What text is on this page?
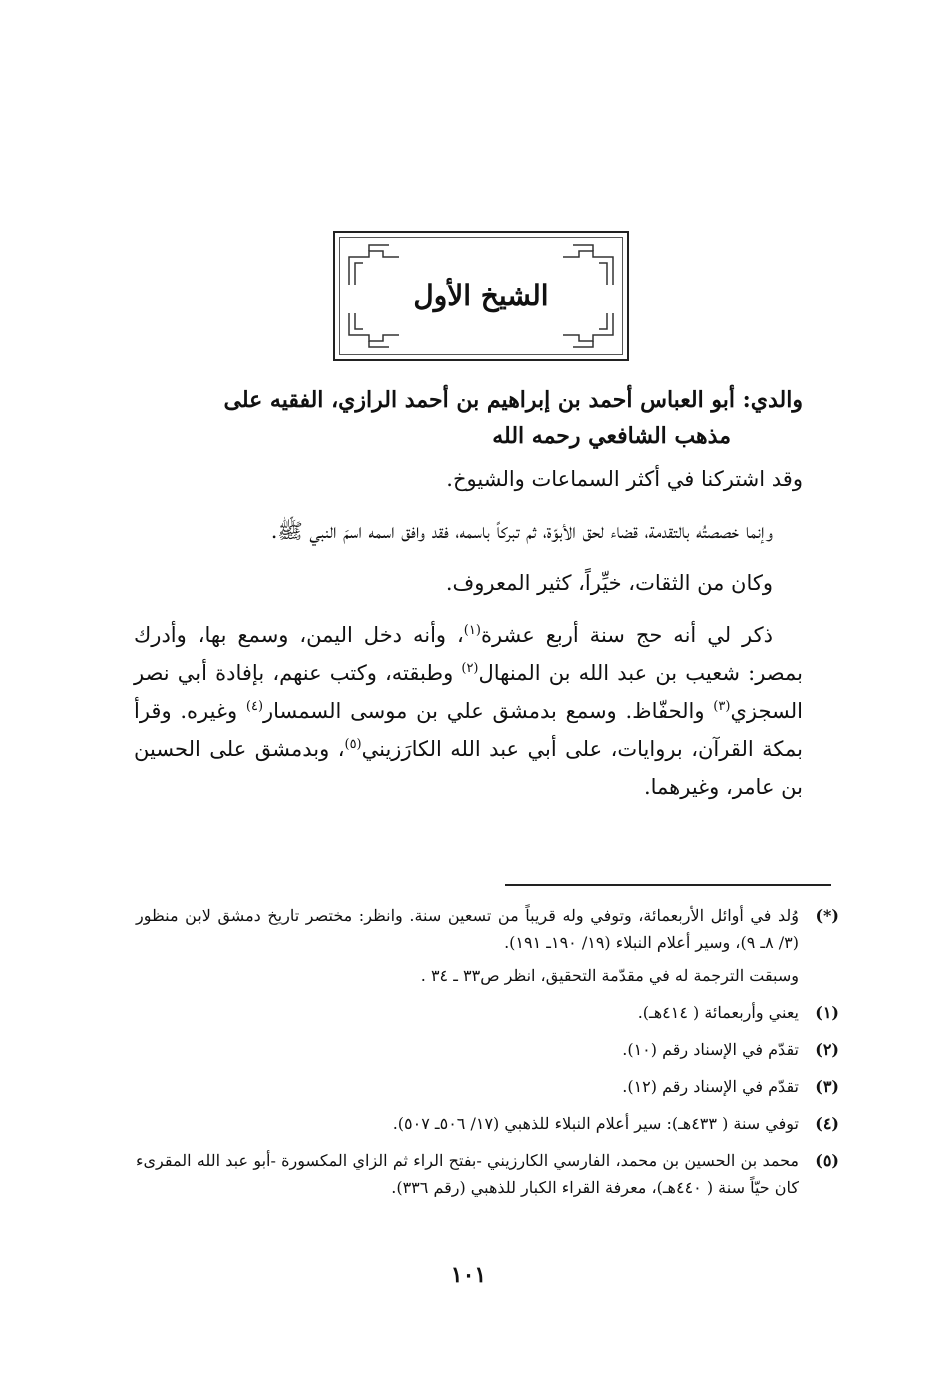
الشيخ الأول

والدي: أبو العباس أحمد بن إبراهيم بن أحمد الرازي، الفقيه على
مذهب الشافعي رحمه الله

وقد اشتركنا في أكثر السماعات والشيوخ.

وإنما خصصتُه بالتقدمة، قضاء لحق الأبوّة، ثم تبركاً باسمه، فقد وافق اسمه اسمَ النبي ﷺ.

وكان من الثقات، خيِّراً، كثير المعروف.

ذكر لي أنه حج سنة أربع عشرة$^{(١)}$، وأنه دخل اليمن، وسمع بها، وأدرك بمصر: شعيب بن عبد الله بن المنهال$^{(٢)}$ وطبقته، وكتب عنهم، بإفادة أبي نصر السجزي$^{(٣)}$ والحفّاظ. وسمع بدمشق علي بن موسى السمسار$^{(٤)}$ وغيره. وقرأ بمكة القرآن، بروايات، على أبي عبد الله الكارَزيني$^{(٥)}$، وبدمشق على الحسين بن عامر، وغيرهما.

(*)
وُلد في أوائل الأربعمائة، وتوفي وله قريباً من تسعين سنة. وانظر: مختصر تاريخ دمشق لابن منظور (٣/ ٨ـ ٩)، وسير أعلام النبلاء (١٩/ ١٩٠ـ ١٩١).
وسبقت الترجمة له في مقدّمة التحقيق، انظر ص٣٣ ـ ٣٤ .
(١)
يعني وأربعمائة ( ٤١٤هـ).
(٢)
تقدّم في الإسناد رقم (١٠).
(٣)
تقدّم في الإسناد رقم (١٢).
(٤)
توفي سنة ( ٤٣٣هـ): سير أعلام النبلاء للذهبي (١٧/ ٥٠٦ـ ٥٠٧).
(٥)
محمد بن الحسين بن محمد، الفارسي الكارزيني -بفتح الراء ثم الزاي المكسورة -أبو عبد الله المقرىء كان حيّاً سنة ( ٤٤٠هـ)، معرفة القراء الكبار للذهبي (رقم ٣٣٦).
١٠١
